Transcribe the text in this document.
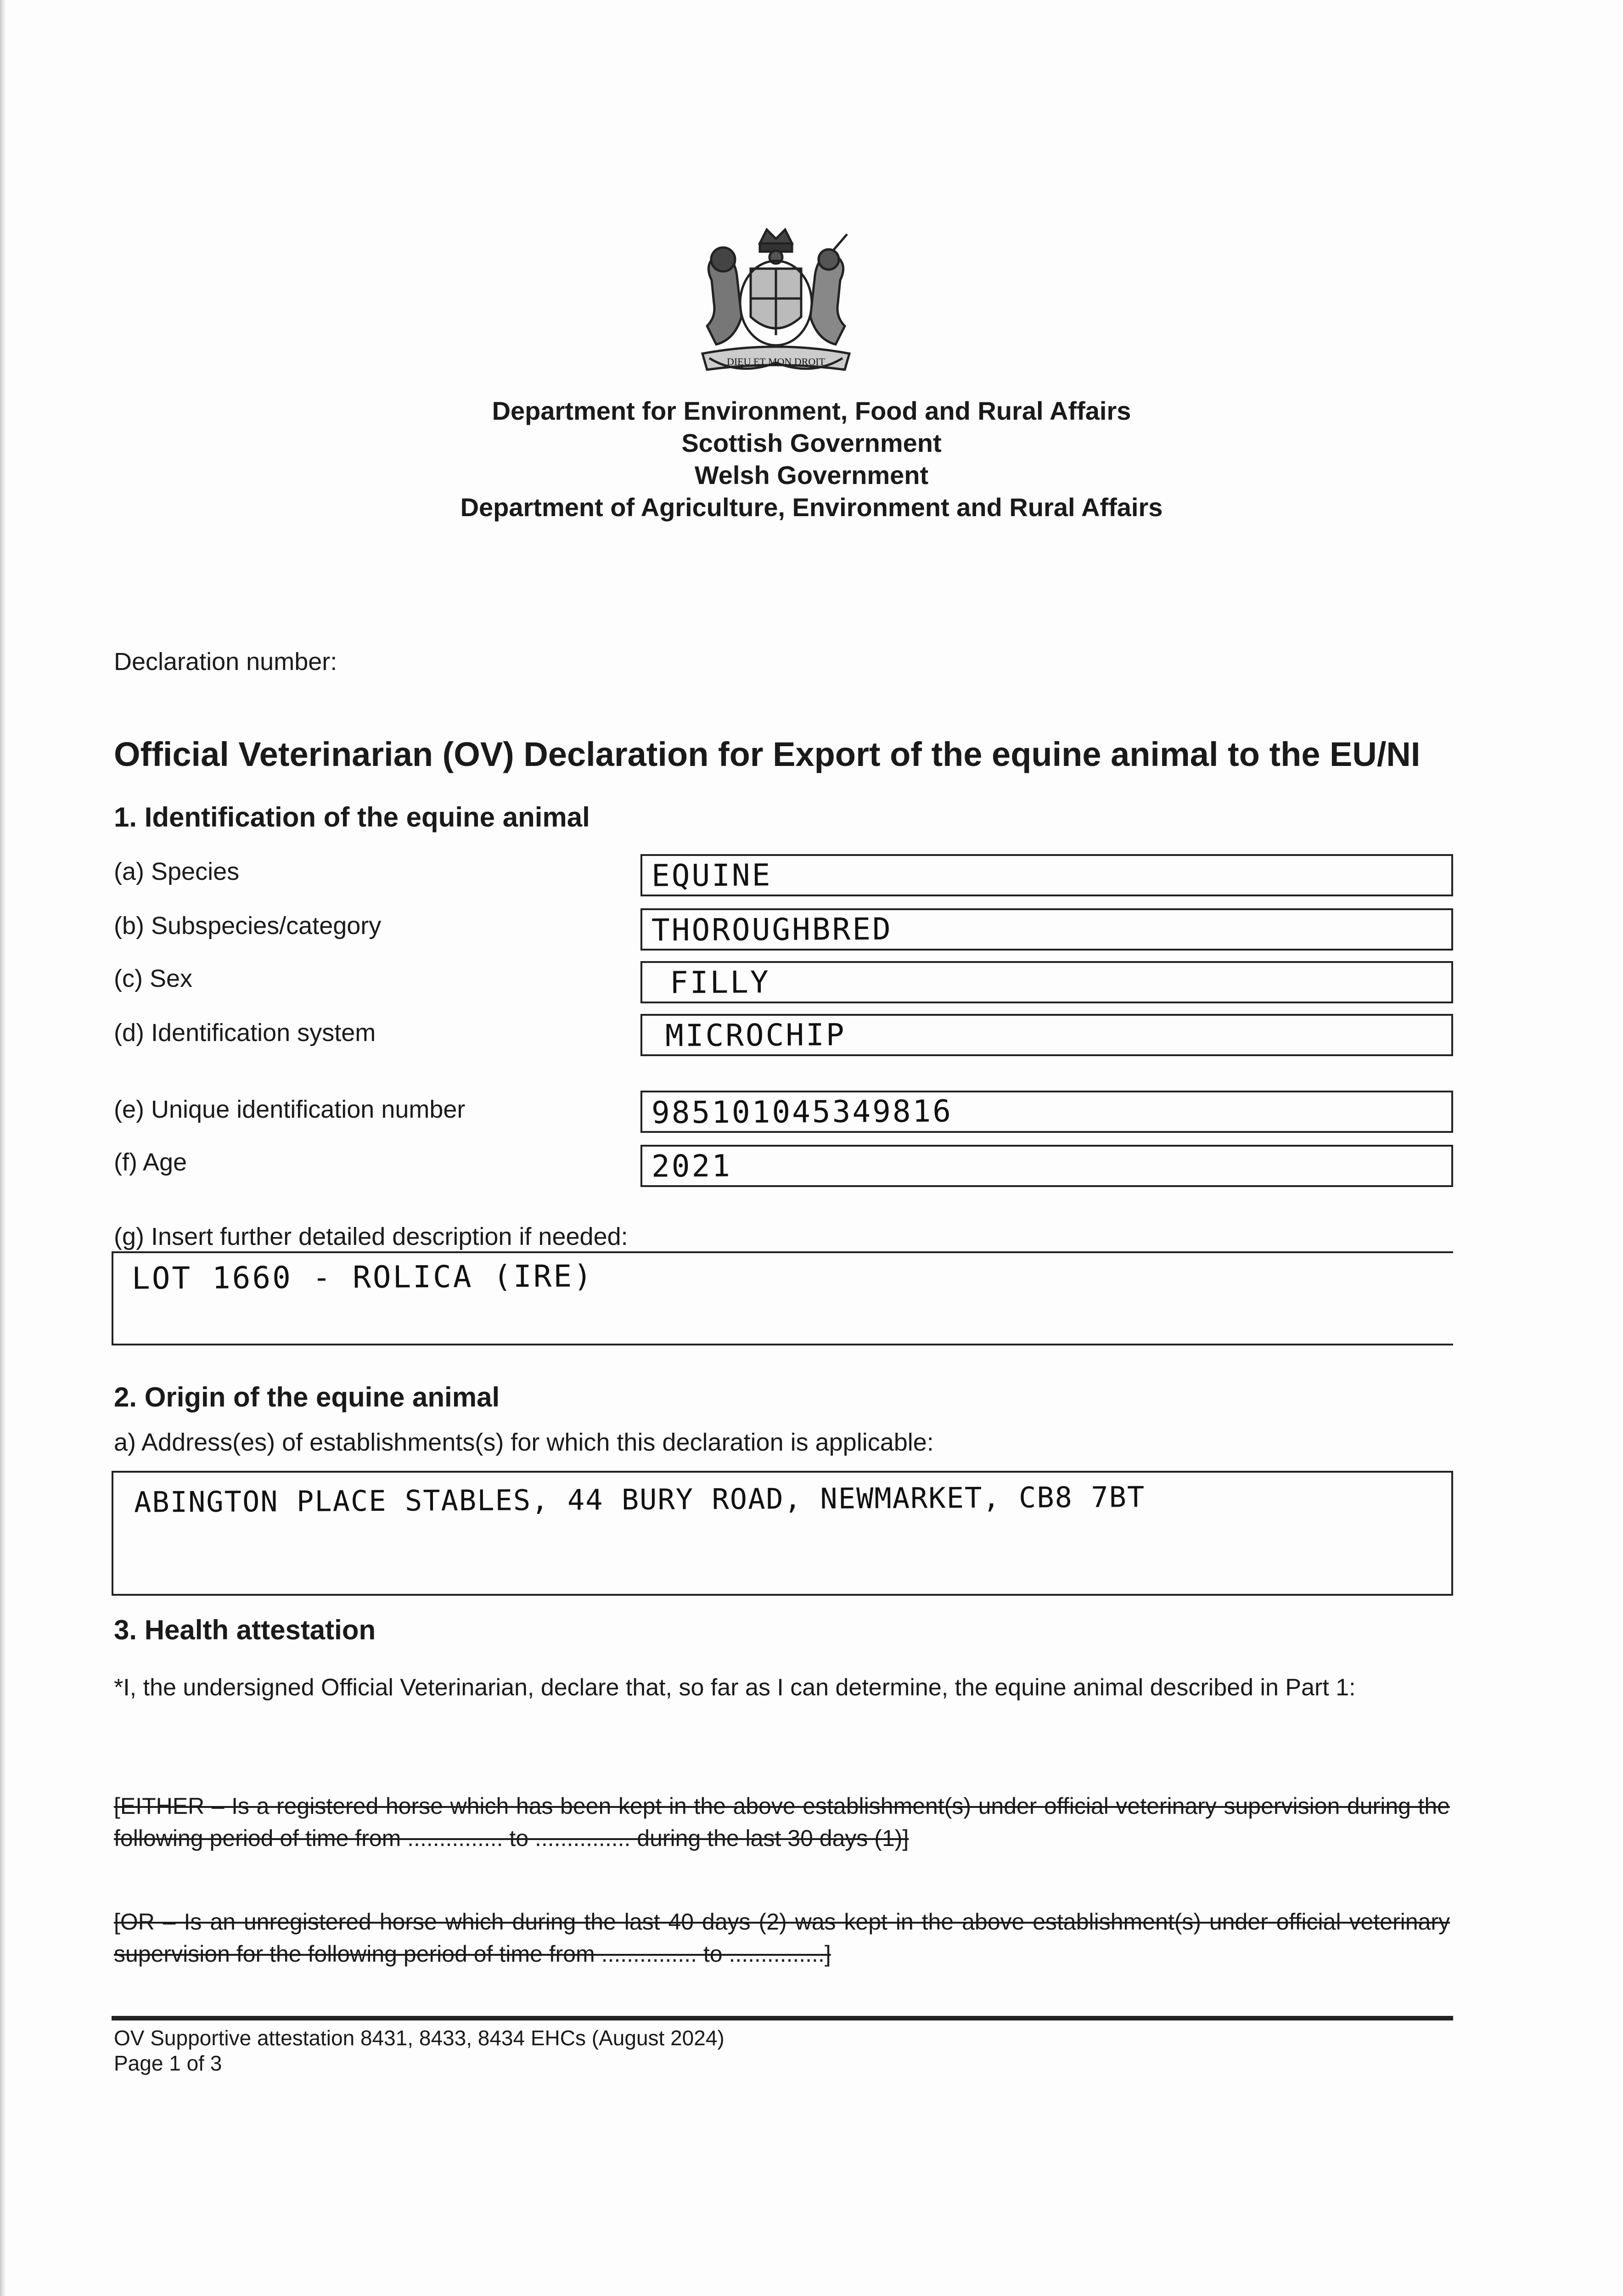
DIEU ET MON DROIT
Department for Environment, Food and Rural Affairs
Scottish Government
Welsh Government
Department of Agriculture, Environment and Rural Affairs
Declaration number:
Official Veterinarian (OV) Declaration for Export of the equine animal to the EU/NI
1. Identification of the equine animal
(a) Species	EQUINE
(b) Subspecies/category	THOROUGHBRED
(c) Sex	FILLY
(d) Identification system	MICROCHIP
(e) Unique identification number	985101045349816
(f) Age	2021
(g) Insert further detailed description if needed:
LOT 1660 - ROLICA (IRE)
2. Origin of the equine animal
a) Address(es) of establishments(s) for which this declaration is applicable:
ABINGTON PLACE STABLES, 44 BURY ROAD, NEWMARKET, CB8 7BT
3. Health attestation
*I, the undersigned Official Veterinarian, declare that, so far as I can determine, the equine animal described in Part 1:
[EITHER – Is a registered horse which has been kept in the above establishment(s) under official veterinary supervision during the following period of time from ............... to ............... during the last 30 days (1)]
[OR – Is an unregistered horse which during the last 40 days (2) was kept in the above establishment(s) under official veterinary supervision for the following period of time from ............... to ...............]
OV Supportive attestation 8431, 8433, 8434 EHCs (August 2024)
Page 1 of 3
